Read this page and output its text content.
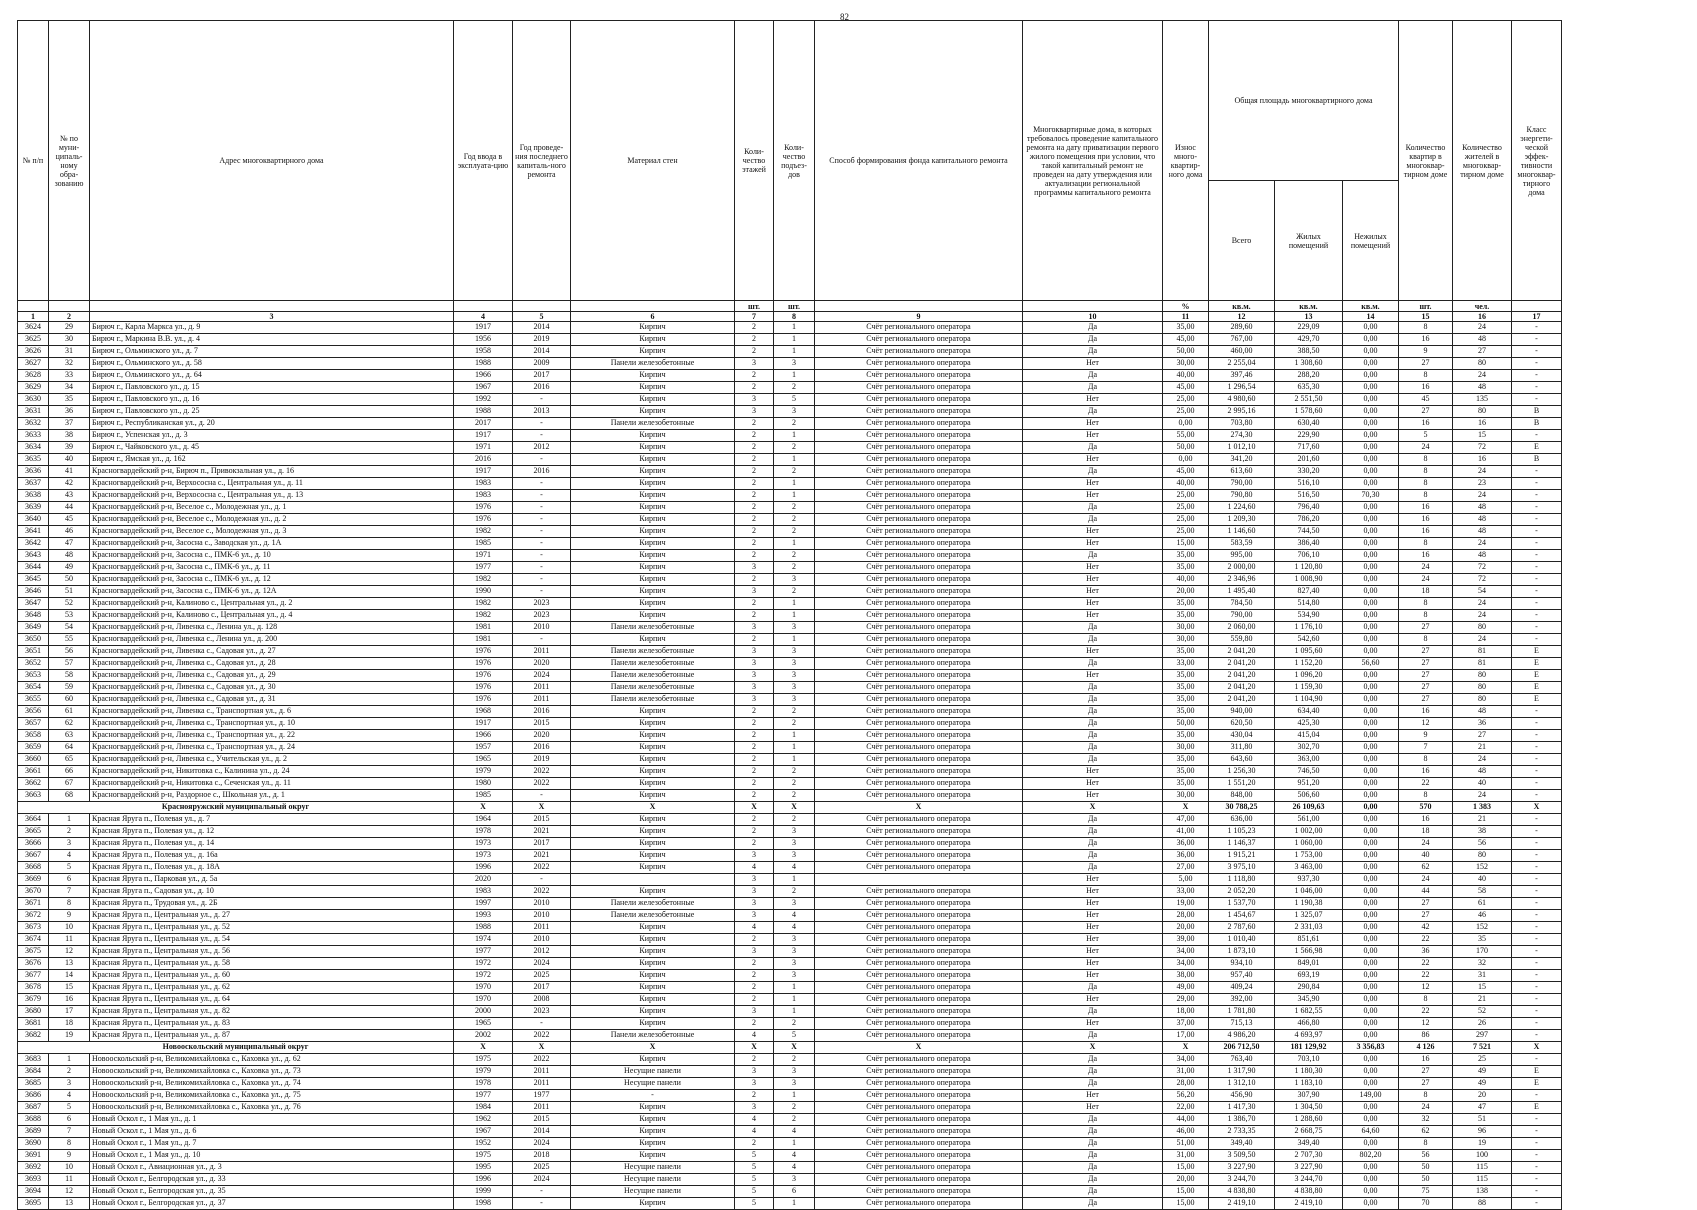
82
№ п/п	№ по муни-ципаль-ному обра-зованию	Адрес многоквартирного дома	Год ввода в эксплуата-цию	Год проведе-ния последнего капиталь-ного ремонта	Материал стен	Коли-чество этажей	Коли-чество подъез-дов	Способ формирования фонда капитального ремонта	Многоквартирные дома, в которых требовалось проведение капитального ремонта на дату приватизации первого жилого помещения при условии, что такой капитальный ремонт не проведен на дату утверждения или актуализации региональной программы капитального ремонта	Износ много-квартир-ного дома	Общая площадь многоквартирного дома			Количество квартир в многоквар-тирном доме	Количество жителей в многоквар-тирном доме	Класс энергети-ческой эффек-тивности многоквар-тирного дома
											Всего	Жилых помещений	Нежилых помещений			
						шт.	шт.			%	кв.м.	кв.м.	кв.м.	шт.	чел.	
1	2	3	4	5	6	7	8	9	10	11	12	13	14	15	16	17
3624	29	Бирюч г., Карла Маркса ул., д. 9	1917	2014	Кирпич	2	1	Счёт регионального оператора	Да	35,00	289,60	229,09	0,00	8	24	-
3625	30	Бирюч г., Маркина В.В. ул., д. 4	1956	2019	Кирпич	2	1	Счёт регионального оператора	Да	45,00	767,00	429,70	0,00	16	48	-
3626	31	Бирюч г., Ольминского ул., д. 7	1958	2014	Кирпич	2	1	Счёт регионального оператора	Да	50,00	460,00	388,50	0,00	9	27	-
3627	32	Бирюч г., Ольминского ул., д. 58	1988	2009	Панели железобетонные	3	3	Счёт регионального оператора	Нет	30,00	2 255,04	1 308,60	0,00	27	80	-
3628	33	Бирюч г., Ольминского ул., д. 64	1966	2017	Кирпич	2	1	Счёт регионального оператора	Да	40,00	397,46	288,20	0,00	8	24	-
3629	34	Бирюч г., Павловского ул., д. 15	1967	2016	Кирпич	2	2	Счёт регионального оператора	Да	45,00	1 296,54	635,30	0,00	16	48	-
3630	35	Бирюч г., Павловского ул., д. 16	1992	-	Кирпич	3	5	Счёт регионального оператора	Нет	25,00	4 980,60	2 551,50	0,00	45	135	-
3631	36	Бирюч г., Павловского ул., д. 25	1988	2013	Кирпич	3	3	Счёт регионального оператора	Да	25,00	2 995,16	1 578,60	0,00	27	80	В
3632	37	Бирюч г., Республиканская ул., д. 20	2017	-	Панели железобетонные	2	2	Счёт регионального оператора	Нет	0,00	703,80	630,40	0,00	16	16	В
3633	38	Бирюч г., Успенская ул., д. 3	1917	-	Кирпич	2	1	Счёт регионального оператора	Нет	55,00	274,30	229,90	0,00	5	15	-
3634	39	Бирюч г., Чайковского ул., д. 45	1971	2012	Кирпич	2	2	Счёт регионального оператора	Да	50,00	1 012,10	717,60	0,00	24	72	Е
3635	40	Бирюч г., Ямская ул., д. 162	2016	-	Кирпич	2	1	Счёт регионального оператора	Нет	0,00	341,20	201,60	0,00	8	16	В
3636	41	Красногвардейский р-н, Бирюч п., Привокзальная ул., д. 16	1917	2016	Кирпич	2	2	Счёт регионального оператора	Да	45,00	613,60	330,20	0,00	8	24	-
3637	42	Красногвардейский р-н, Верхососна с., Центральная ул., д. 11	1983	-	Кирпич	2	1	Счёт регионального оператора	Нет	40,00	790,00	516,10	0,00	8	23	-
3638	43	Красногвардейский р-н, Верхососна с., Центральная ул., д. 13	1983	-	Кирпич	2	1	Счёт регионального оператора	Нет	25,00	790,80	516,50	70,30	8	24	-
3639	44	Красногвардейский р-н, Веселое с., Молодежная ул., д. 1	1976	-	Кирпич	2	2	Счёт регионального оператора	Да	25,00	1 224,60	796,40	0,00	16	48	-
3640	45	Красногвардейский р-н, Веселое с., Молодежная ул., д. 2	1976	-	Кирпич	2	2	Счёт регионального оператора	Да	25,00	1 209,30	786,20	0,00	16	48	-
3641	46	Красногвардейский р-н, Веселое с., Молодежная ул., д. 3	1982	-	Кирпич	2	2	Счёт регионального оператора	Нет	25,00	1 146,60	744,50	0,00	16	48	-
3642	47	Красногвардейский р-н, Засосна с., Заводская ул., д. 1А	1985	-	Кирпич	2	1	Счёт регионального оператора	Нет	15,00	583,59	386,40	0,00	8	24	-
3643	48	Красногвардейский р-н, Засосна с., ПМК-6 ул., д. 10	1971	-	Кирпич	2	2	Счёт регионального оператора	Да	35,00	995,00	706,10	0,00	16	48	-
3644	49	Красногвардейский р-н, Засосна с., ПМК-6 ул., д. 11	1977	-	Кирпич	3	2	Счёт регионального оператора	Нет	35,00	2 000,00	1 120,80	0,00	24	72	-
3645	50	Красногвардейский р-н, Засосна с., ПМК-6 ул., д. 12	1982	-	Кирпич	2	3	Счёт регионального оператора	Нет	40,00	2 346,96	1 008,90	0,00	24	72	-
3646	51	Красногвардейский р-н, Засосна с., ПМК-6 ул., д. 12А	1990	-	Кирпич	3	2	Счёт регионального оператора	Нет	20,00	1 495,40	827,40	0,00	18	54	-
3647	52	Красногвардейский р-н, Калиново с., Центральная ул., д. 2	1982	2023	Кирпич	2	1	Счёт регионального оператора	Нет	35,00	784,50	514,80	0,00	8	24	-
3648	53	Красногвардейский р-н, Калиново с., Центральная ул., д. 4	1982	2023	Кирпич	2	1	Счёт регионального оператора	Нет	35,00	790,00	534,90	0,00	8	24	-
3649	54	Красногвардейский р-н, Ливенка с., Ленина ул., д. 128	1981	2010	Панели железобетонные	3	3	Счёт регионального оператора	Да	30,00	2 060,00	1 176,10	0,00	27	80	-
3650	55	Красногвардейский р-н, Ливенка с., Ленина ул., д. 200	1981	-	Кирпич	2	1	Счёт регионального оператора	Да	30,00	559,80	542,60	0,00	8	24	-
3651	56	Красногвардейский р-н, Ливенка с., Садовая ул., д. 27	1976	2011	Панели железобетонные	3	3	Счёт регионального оператора	Нет	35,00	2 041,20	1 095,60	0,00	27	81	Е
3652	57	Красногвардейский р-н, Ливенка с., Садовая ул., д. 28	1976	2020	Панели железобетонные	3	3	Счёт регионального оператора	Да	33,00	2 041,20	1 152,20	56,60	27	81	Е
3653	58	Красногвардейский р-н, Ливенка с., Садовая ул., д. 29	1976	2024	Панели железобетонные	3	3	Счёт регионального оператора	Нет	35,00	2 041,20	1 096,20	0,00	27	80	Е
3654	59	Красногвардейский р-н, Ливенка с., Садовая ул., д. 30	1976	2011	Панели железобетонные	3	3	Счёт регионального оператора	Да	35,00	2 041,20	1 159,30	0,00	27	80	Е
3655	60	Красногвардейский р-н, Ливенка с., Садовая ул., д. 31	1976	2011	Панели железобетонные	3	3	Счёт регионального оператора	Да	35,00	2 041,20	1 104,90	0,00	27	80	Е
3656	61	Красногвардейский р-н, Ливенка с., Транспортная ул., д. 6	1968	2016	Кирпич	2	2	Счёт регионального оператора	Да	35,00	940,00	634,40	0,00	16	48	-
3657	62	Красногвардейский р-н, Ливенка с., Транспортная ул., д. 10	1917	2015	Кирпич	2	2	Счёт регионального оператора	Да	50,00	620,50	425,30	0,00	12	36	-
3658	63	Красногвардейский р-н, Ливенка с., Транспортная ул., д. 22	1966	2020	Кирпич	2	1	Счёт регионального оператора	Да	35,00	430,04	415,04	0,00	9	27	-
3659	64	Красногвардейский р-н, Ливенка с., Транспортная ул., д. 24	1957	2016	Кирпич	2	1	Счёт регионального оператора	Да	30,00	311,80	302,70	0,00	7	21	-
3660	65	Красногвардейский р-н, Ливенка с., Учительская ул., д. 2	1965	2019	Кирпич	2	1	Счёт регионального оператора	Да	35,00	643,60	363,00	0,00	8	24	-
3661	66	Красногвардейский р-н, Никитовка с., Калинина ул., д. 24	1979	2022	Кирпич	2	2	Счёт регионального оператора	Нет	35,00	1 256,30	746,50	0,00	16	48	-
3662	67	Красногвардейский р-н, Никитовка с., Сеченская ул., д. 11	1980	2022	Кирпич	2	2	Счёт регионального оператора	Нет	35,00	1 551,20	951,20	0,00	22	40	-
3663	68	Красногвардейский р-н, Раздорное с., Школьная ул., д. 1	1985	-	Кирпич	2	2	Счёт регионального оператора	Нет	30,00	848,00	506,60	0,00	8	24	-
Краснояружский муниципальный округ			X	X	X	X	X	X	X	X	30 788,25	26 109,63	0,00	570	1 383	X
3664	1	Красная Яруга п., Полевая ул., д. 7	1964	2015	Кирпич	2	2	Счёт регионального оператора	Да	47,00	636,00	561,00	0,00	16	21	-
3665	2	Красная Яруга п., Полевая ул., д. 12	1978	2021	Кирпич	2	3	Счёт регионального оператора	Да	41,00	1 105,23	1 002,00	0,00	18	38	-
3666	3	Красная Яруга п., Полевая ул., д. 14	1973	2017	Кирпич	2	3	Счёт регионального оператора	Да	36,00	1 146,37	1 060,00	0,00	24	56	-
3667	4	Красная Яруга п., Полевая ул., д. 16а	1973	2021	Кирпич	3	3	Счёт регионального оператора	Да	36,00	1 915,21	1 753,00	0,00	40	80	-
3668	5	Красная Яруга п., Полевая ул., д. 18А	1996	2022	Кирпич	4	4	Счёт регионального оператора	Да	27,00	3 975,10	3 463,00	0,00	62	152	-
3669	6	Красная Яруга п., Парковая ул., д. 5а	2020	-		3	1		Нет	5,00	1 118,80	937,30	0,00	24	40	-
3670	7	Красная Яруга п., Садовая ул., д. 10	1983	2022	Кирпич	3	2	Счёт регионального оператора	Нет	33,00	2 052,20	1 046,00	0,00	44	58	-
3671	8	Красная Яруга п., Трудовая ул., д. 2Б	1997	2010	Панели железобетонные	3	3	Счёт регионального оператора	Нет	19,00	1 537,70	1 190,38	0,00	27	61	-
3672	9	Красная Яруга п., Центральная ул., д. 27	1993	2010	Панели железобетонные	3	4	Счёт регионального оператора	Нет	28,00	1 454,67	1 325,07	0,00	27	46	-
3673	10	Красная Яруга п., Центральная ул., д. 52	1988	2011	Кирпич	4	4	Счёт регионального оператора	Нет	20,00	2 787,60	2 331,03	0,00	42	152	-
3674	11	Красная Яруга п., Центральная ул., д. 54	1974	2010	Кирпич	2	3	Счёт регионального оператора	Нет	39,00	1 010,40	851,61	0,00	22	35	-
3675	12	Красная Яруга п., Центральная ул., д. 56	1977	2012	Кирпич	3	3	Счёт регионального оператора	Нет	34,00	1 873,10	1 566,98	0,00	36	170	-
3676	13	Красная Яруга п., Центральная ул., д. 58	1972	2024	Кирпич	2	3	Счёт регионального оператора	Нет	34,00	934,10	849,01	0,00	22	32	-
3677	14	Красная Яруга п., Центральная ул., д. 60	1972	2025	Кирпич	2	3	Счёт регионального оператора	Нет	38,00	957,40	693,19	0,00	22	31	-
3678	15	Красная Яруга п., Центральная ул., д. 62	1970	2017	Кирпич	2	1	Счёт регионального оператора	Да	49,00	409,24	290,84	0,00	12	15	-
3679	16	Красная Яруга п., Центральная ул., д. 64	1970	2008	Кирпич	2	1	Счёт регионального оператора	Нет	29,00	392,00	345,90	0,00	8	21	-
3680	17	Красная Яруга п., Центральная ул., д. 82	2000	2023	Кирпич	3	1	Счёт регионального оператора	Да	18,00	1 781,80	1 682,55	0,00	22	52	-
3681	18	Красная Яруга п., Центральная ул., д. 83	1965	-	Кирпич	2	2	Счёт регионального оператора	Нет	37,00	715,13	466,80	0,00	12	26	-
3682	19	Красная Яруга п., Центральная ул., д. 87	2002	2022	Панели железобетонные	4	5	Счёт регионального оператора	Да	17,00	4 986,20	4 693,97	0,00	86	297	-
Новооскольский муниципальный округ			X	X	X	X	X	X	X	X	206 712,50	181 129,92	3 356,83	4 126	7 521	X
3683	1	Новооскольский р-н, Великомихайловка с., Каховка ул., д. 62	1975	2022	Кирпич	2	2	Счёт регионального оператора	Да	34,00	763,40	703,10	0,00	16	25	-
3684	2	Новооскольский р-н, Великомихайловка с., Каховка ул., д. 73	1979	2011	Несущие панели	3	3	Счёт регионального оператора	Да	31,00	1 317,90	1 180,30	0,00	27	49	Е
3685	3	Новооскольский р-н, Великомихайловка с., Каховка ул., д. 74	1978	2011	Несущие панели	3	3	Счёт регионального оператора	Да	28,00	1 312,10	1 183,10	0,00	27	49	Е
3686	4	Новооскольский р-н, Великомихайловка с., Каховка ул., д. 75	1977	1977	-	2	1	Счёт регионального оператора	Нет	56,20	456,90	307,90	149,00	8	20	-
3687	5	Новооскольский р-н, Великомихайловка с., Каховка ул., д. 76	1984	2011	Кирпич	3	2	Счёт регионального оператора	Нет	22,00	1 417,30	1 304,50	0,00	24	47	Е
3688	6	Новый Оскол г., 1 Мая ул., д. 1	1962	2015	Кирпич	4	2	Счёт регионального оператора	Да	44,00	1 386,70	1 288,60	0,00	32	51	-
3689	7	Новый Оскол г., 1 Мая ул., д. 6	1967	2014	Кирпич	4	4	Счёт регионального оператора	Да	46,00	2 733,35	2 668,75	64,60	62	96	-
3690	8	Новый Оскол г., 1 Мая ул., д. 7	1952	2024	Кирпич	2	1	Счёт регионального оператора	Да	51,00	349,40	349,40	0,00	8	19	-
3691	9	Новый Оскол г., 1 Мая ул., д. 10	1975	2018	Кирпич	5	4	Счёт регионального оператора	Да	31,00	3 509,50	2 707,30	802,20	56	100	-
3692	10	Новый Оскол г., Авиационная ул., д. 3	1995	2025	Несущие панели	5	4	Счёт регионального оператора	Да	15,00	3 227,90	3 227,90	0,00	50	115	-
3693	11	Новый Оскол г., Белгородская ул., д. 33	1996	2024	Несущие панели	5	3	Счёт регионального оператора	Да	20,00	3 244,70	3 244,70	0,00	50	115	-
3694	12	Новый Оскол г., Белгородская ул., д. 35	1999	-	Несущие панели	5	6	Счёт регионального оператора	Да	15,00	4 838,80	4 838,80	0,00	75	138	-
3695	13	Новый Оскол г., Белгородская ул., д. 37	1998	-	Кирпич	5	1	Счёт регионального оператора	Да	15,00	2 419,10	2 419,10	0,00	70	88	-
